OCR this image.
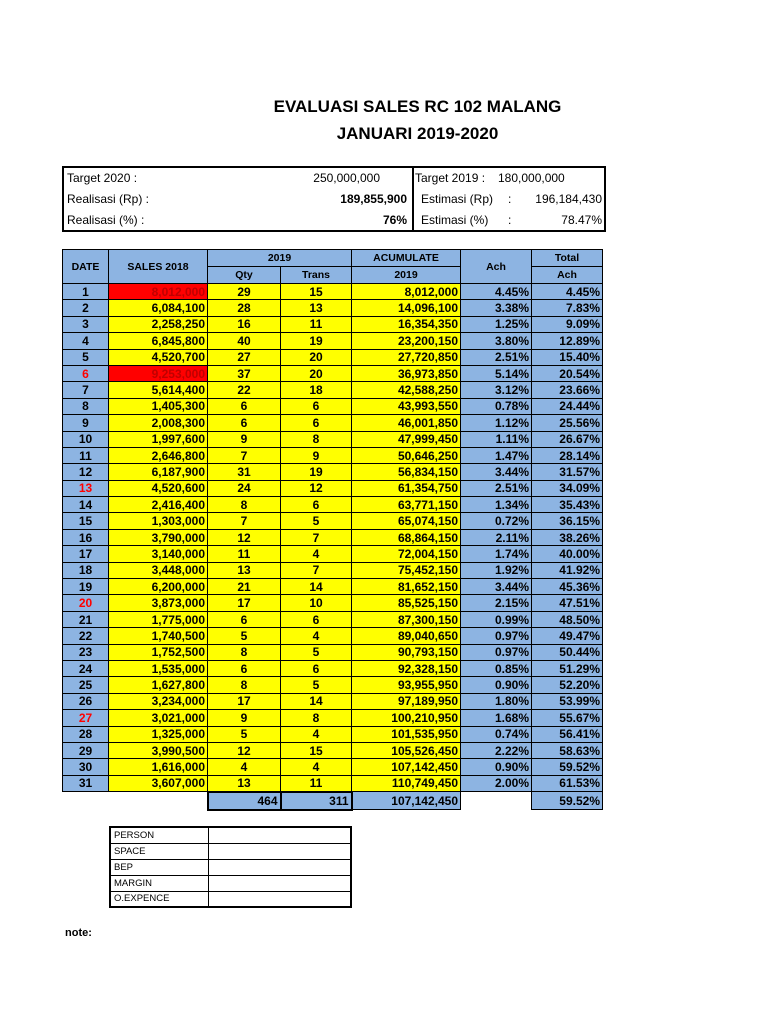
EVALUASI SALES RC 102 MALANG
JANUARI 2019-2020
Target 2020 :	250,000,000	Target 2019 : 180,000,000
Realisasi (Rp) :	189,855,900 Estimasi (Rp) :	196,184,430
Realisasi (%) :	76% Estimasi (%) :	78.47%
DATE	SALES 2018	2019		ACUMULATE	Ach	Total
		Qty	Trans	2019		Ach
1	8,012,000	29	15	8,012,000	4.45%	4.45%
2	6,084,100	28	13	14,096,100	3.38%	7.83%
3	2,258,250	16	11	16,354,350	1.25%	9.09%
4	6,845,800	40	19	23,200,150	3.80%	12.89%
5	4,520,700	27	20	27,720,850	2.51%	15.40%
6	9,253,000	37	20	36,973,850	5.14%	20.54%
7	5,614,400	22	18	42,588,250	3.12%	23.66%
8	1,405,300	6	6	43,993,550	0.78%	24.44%
9	2,008,300	6	6	46,001,850	1.12%	25.56%
10	1,997,600	9	8	47,999,450	1.11%	26.67%
11	2,646,800	7	9	50,646,250	1.47%	28.14%
12	6,187,900	31	19	56,834,150	3.44%	31.57%
13	4,520,600	24	12	61,354,750	2.51%	34.09%
14	2,416,400	8	6	63,771,150	1.34%	35.43%
15	1,303,000	7	5	65,074,150	0.72%	36.15%
16	3,790,000	12	7	68,864,150	2.11%	38.26%
17	3,140,000	11	4	72,004,150	1.74%	40.00%
18	3,448,000	13	7	75,452,150	1.92%	41.92%
19	6,200,000	21	14	81,652,150	3.44%	45.36%
20	3,873,000	17	10	85,525,150	2.15%	47.51%
21	1,775,000	6	6	87,300,150	0.99%	48.50%
22	1,740,500	5	4	89,040,650	0.97%	49.47%
23	1,752,500	8	5	90,793,150	0.97%	50.44%
24	1,535,000	6	6	92,328,150	0.85%	51.29%
25	1,627,800	8	5	93,955,950	0.90%	52.20%
26	3,234,000	17	14	97,189,950	1.80%	53.99%
27	3,021,000	9	8	100,210,950	1.68%	55.67%
28	1,325,000	5	4	101,535,950	0.74%	56.41%
29	3,990,500	12	15	105,526,450	2.22%	58.63%
30	1,616,000	4	4	107,142,450	0.90%	59.52%
31	3,607,000	13	11	110,749,450	2.00%	61.53%
		464	311	107,142,450		59.52%
PERSON	
SPACE	
BEP	
MARGIN	
O.EXPENCE	
note:
